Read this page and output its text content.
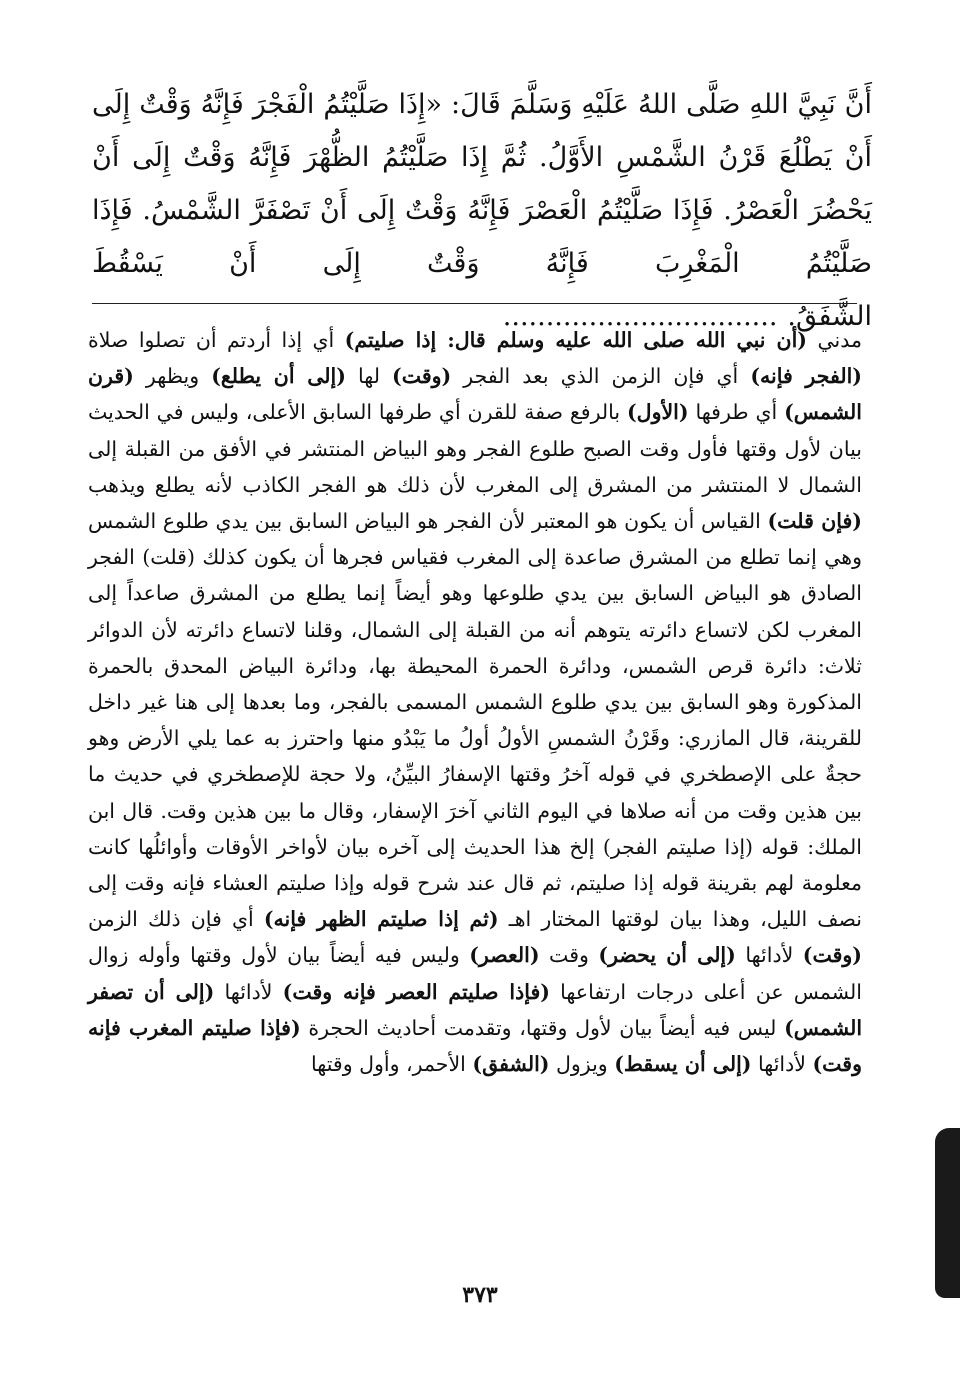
أَنَّ نَبِيَّ اللهِ صَلَّى اللهُ عَلَيْهِ وَسَلَّمَ قَالَ: «إِذَا صَلَّيْتُمُ الْفَجْرَ فَإِنَّهُ وَقْتٌ إِلَى أَنْ يَطْلُعَ قَرْنُ الشَّمْسِ الأَوَّلُ. ثُمَّ إِذَا صَلَّيْتُمُ الظُّهْرَ فَإِنَّهُ وَقْتٌ إِلَى أَنْ يَحْضُرَ الْعَصْرُ. فَإِذَا صَلَّيْتُمُ الْعَصْرَ فَإِنَّهُ وَقْتٌ إِلَى أَنْ تَصْفَرَّ الشَّمْسُ. فَإِذَا صَلَّيْتُمُ الْمَغْرِبَ فَإِنَّهُ وَقْتٌ إِلَى أَنْ يَسْقُطَ الشَّفَقُ.................................
مدني (أن نبي الله صلى الله عليه وسلم قال: إذا صليتم) أي إذا أردتم أن تصلوا صلاة (الفجر فإنه) أي فإن الزمن الذي بعد الفجر (وقت) لها (إلى أن يطلع) ويظهر (قرن الشمس) أي طرفها (الأول) بالرفع صفة للقرن أي طرفها السابق الأعلى، وليس في الحديث بيان لأول وقتها فأول وقت الصبح طلوع الفجر وهو البياض المنتشر في الأفق من القبلة إلى الشمال لا المنتشر من المشرق إلى المغرب لأن ذلك هو الفجر الكاذب لأنه يطلع ويذهب (فإن قلت) القياس أن يكون هو المعتبر لأن الفجر هو البياض السابق بين يدي طلوع الشمس وهي إنما تطلع من المشرق صاعدة إلى المغرب فقياس فجرها أن يكون كذلك (قلت) الفجر الصادق هو البياض السابق بين يدي طلوعها وهو أيضاً إنما يطلع من المشرق صاعداً إلى المغرب لكن لاتساع دائرته يتوهم أنه من القبلة إلى الشمال، وقلنا لاتساع دائرته لأن الدوائر ثلاث: دائرة قرص الشمس، ودائرة الحمرة المحيطة بها، ودائرة البياض المحدق بالحمرة المذكورة وهو السابق بين يدي طلوع الشمس المسمى بالفجر، وما بعدها إلى هنا غير داخل للقرينة، قال المازري: وقَرْنُ الشمسِ الأولُ أولُ ما يَبْدُو منها واحترز به عما يلي الأرض وهو حجةٌ على الإصطخري في قوله آخرُ وقتها الإسفارُ البيِّنُ، ولا حجة للإصطخري في حديث ما بين هذين وقت من أنه صلاها في اليوم الثاني آخرَ الإسفار، وقال ما بين هذين وقت. قال ابن الملك: قوله (إذا صليتم الفجر) إلخ هذا الحديث إلى آخره بيان لأواخر الأوقات وأوائلُها كانت معلومة لهم بقرينة قوله إذا صليتم، ثم قال عند شرح قوله وإذا صليتم العشاء فإنه وقت إلى نصف الليل، وهذا بيان لوقتها المختار اهـ (ثم إذا صليتم الظهر فإنه) أي فإن ذلك الزمن (وقت) لأدائها (إلى أن يحضر) وقت (العصر) وليس فيه أيضاً بيان لأول وقتها وأوله زوال الشمس عن أعلى درجات ارتفاعها (فإذا صليتم العصر فإنه وقت) لأدائها (إلى أن تصفر الشمس) ليس فيه أيضاً بيان لأول وقتها، وتقدمت أحاديث الحجرة (فإذا صليتم المغرب فإنه وقت) لأدائها (إلى أن يسقط) ويزول (الشفق) الأحمر، وأول وقتها
٣٧٣
